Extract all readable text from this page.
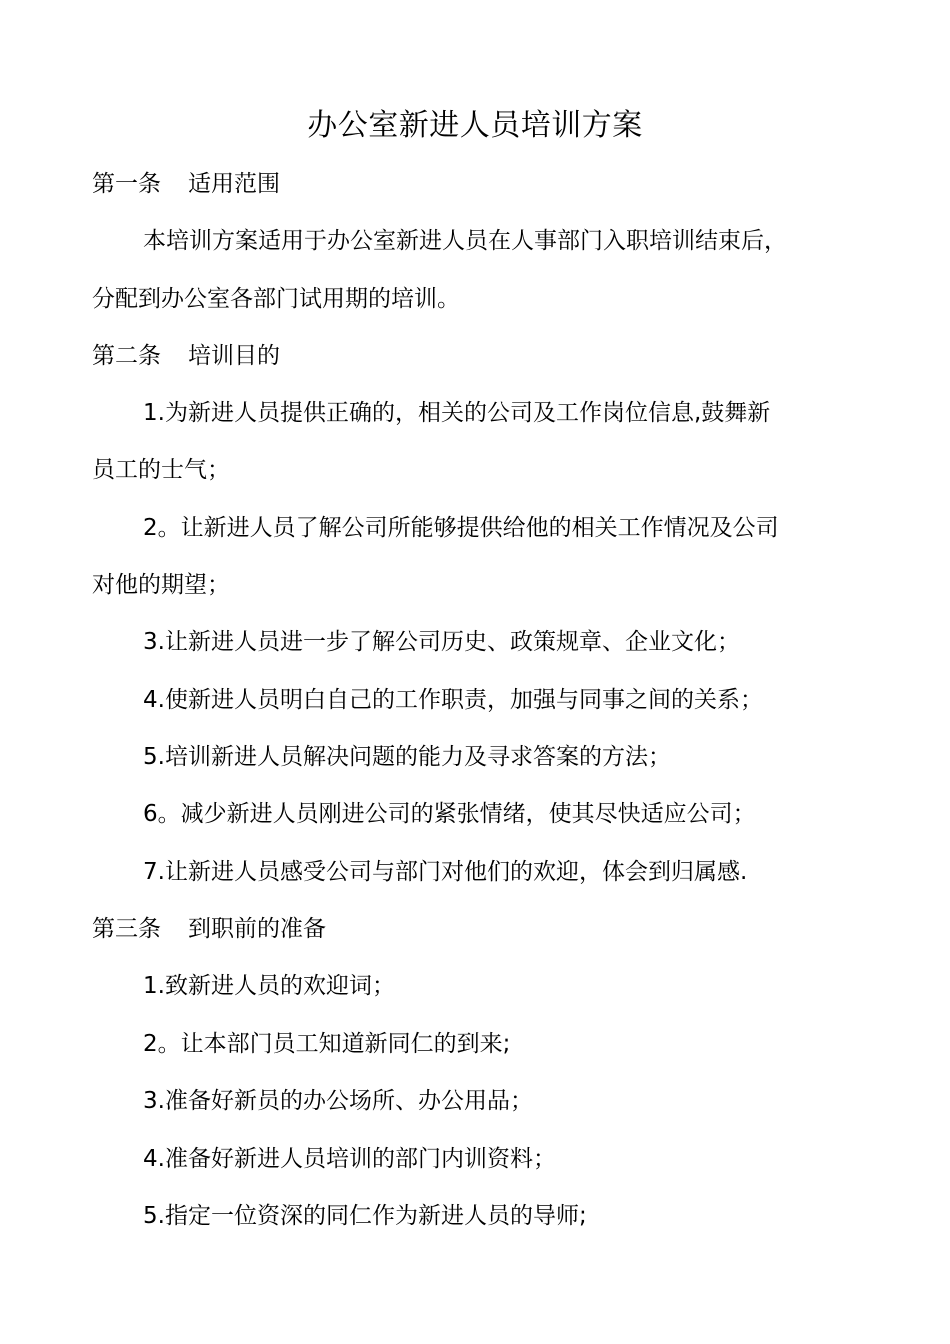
办公室新进人员培训方案
第一条 适用范围
本培训方案适用于办公室新进人员在人事部门入职培训结束后，
分配到办公室各部门试用期的培训。
第二条 培训目的
1.为新进人员提供正确的，相关的公司及工作岗位信息,鼓舞新
员工的士气；
2。让新进人员了解公司所能够提供给他的相关工作情况及公司
对他的期望；
3.让新进人员进一步了解公司历史、政策规章、企业文化；
4.使新进人员明白自己的工作职责，加强与同事之间的关系；
5.培训新进人员解决问题的能力及寻求答案的方法；
6。减少新进人员刚进公司的紧张情绪，使其尽快适应公司；
7.让新进人员感受公司与部门对他们的欢迎，体会到归属感.
第三条 到职前的准备
1.致新进人员的欢迎词；
2。让本部门员工知道新同仁的到来;
3.准备好新员的办公场所、办公用品；
4.准备好新进人员培训的部门内训资料；
5.指定一位资深的同仁作为新进人员的导师;
